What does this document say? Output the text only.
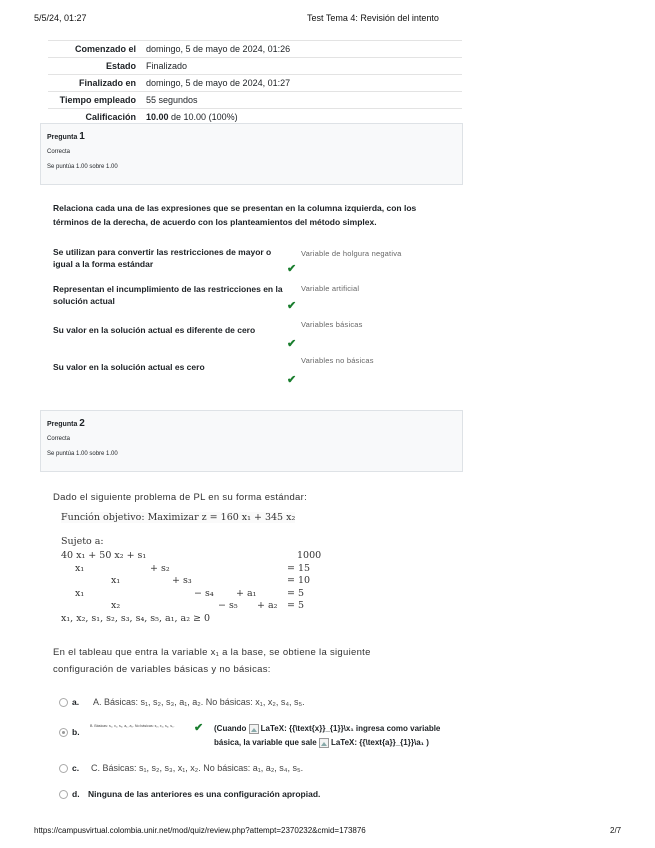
5/5/24, 01:27	Test Tema 4: Revisión del intento
Comenzado el	domingo, 5 de mayo de 2024, 01:26
Estado	Finalizado
Finalizado en	domingo, 5 de mayo de 2024, 01:27
Tiempo empleado	55 segundos
Calificación	10.00 de 10.00 (100%)
Pregunta 1
Correcta
Se puntúa 1.00 sobre 1.00
Relaciona cada una de las expresiones que se presentan en la columna izquierda, con los términos de la derecha, de acuerdo con los planteamientos del método simplex.
Se utilizan para convertir las restricciones de mayor o igual a la forma estándar
Variable de holgura negativa
✔
Representan el incumplimiento de las restricciones en la solución actual
Variable artificial
✔
Su valor en la solución actual es diferente de cero
Variables básicas
✔
Su valor en la solución actual es cero
Variables no básicas
✔
Pregunta 2
Correcta
Se puntúa 1.00 sobre 1.00
Dado el siguiente problema de PL en su forma estándar:
Función objetivo: Maximizar z = 160 x₁ + 345 x₂
Sujeto a:
40 x₁ + 50 x₂ + s₁	1000
x₁	+ s₂	= 15
x₁	+ s₃	= 10
x₁	− s₄ + a₁	= 5
x₂	− s₅ + a₂ = 5
x₁, x₂, s₁, s₂, s₃, s₄, s₅, a₁, a₂ ≥ 0
En el tableau que entra la variable x₁ a la base, se obtiene la siguiente
configuración de variables básicas y no básicas:
a. A. Básicas: s₁, s₂, s₃, a₁, a₂. No básicas: x₁, x₂, s₄, s₅.
b.
B. Básicas: s₁, x₁, s₃, a₁, a₂. No básicas: s₂, x₂, s₄, s₅. ✔ (Cuando LaTeX: {{\text{x}}_{1}}\x₁ ingresa como variable
básica, la variable que sale LaTeX: {{\text{a}}_{1}}\a₁ )
c. C. Básicas: s₁, s₂, s₃, x₁, x₂. No básicas: a₁, a₂, s₄, s₅.
d. Ninguna de las anteriores es una configuración apropiad.
https://campusvirtual.colombia.unir.net/mod/quiz/review.php?attempt=2370232&cmid=173876	2/7
